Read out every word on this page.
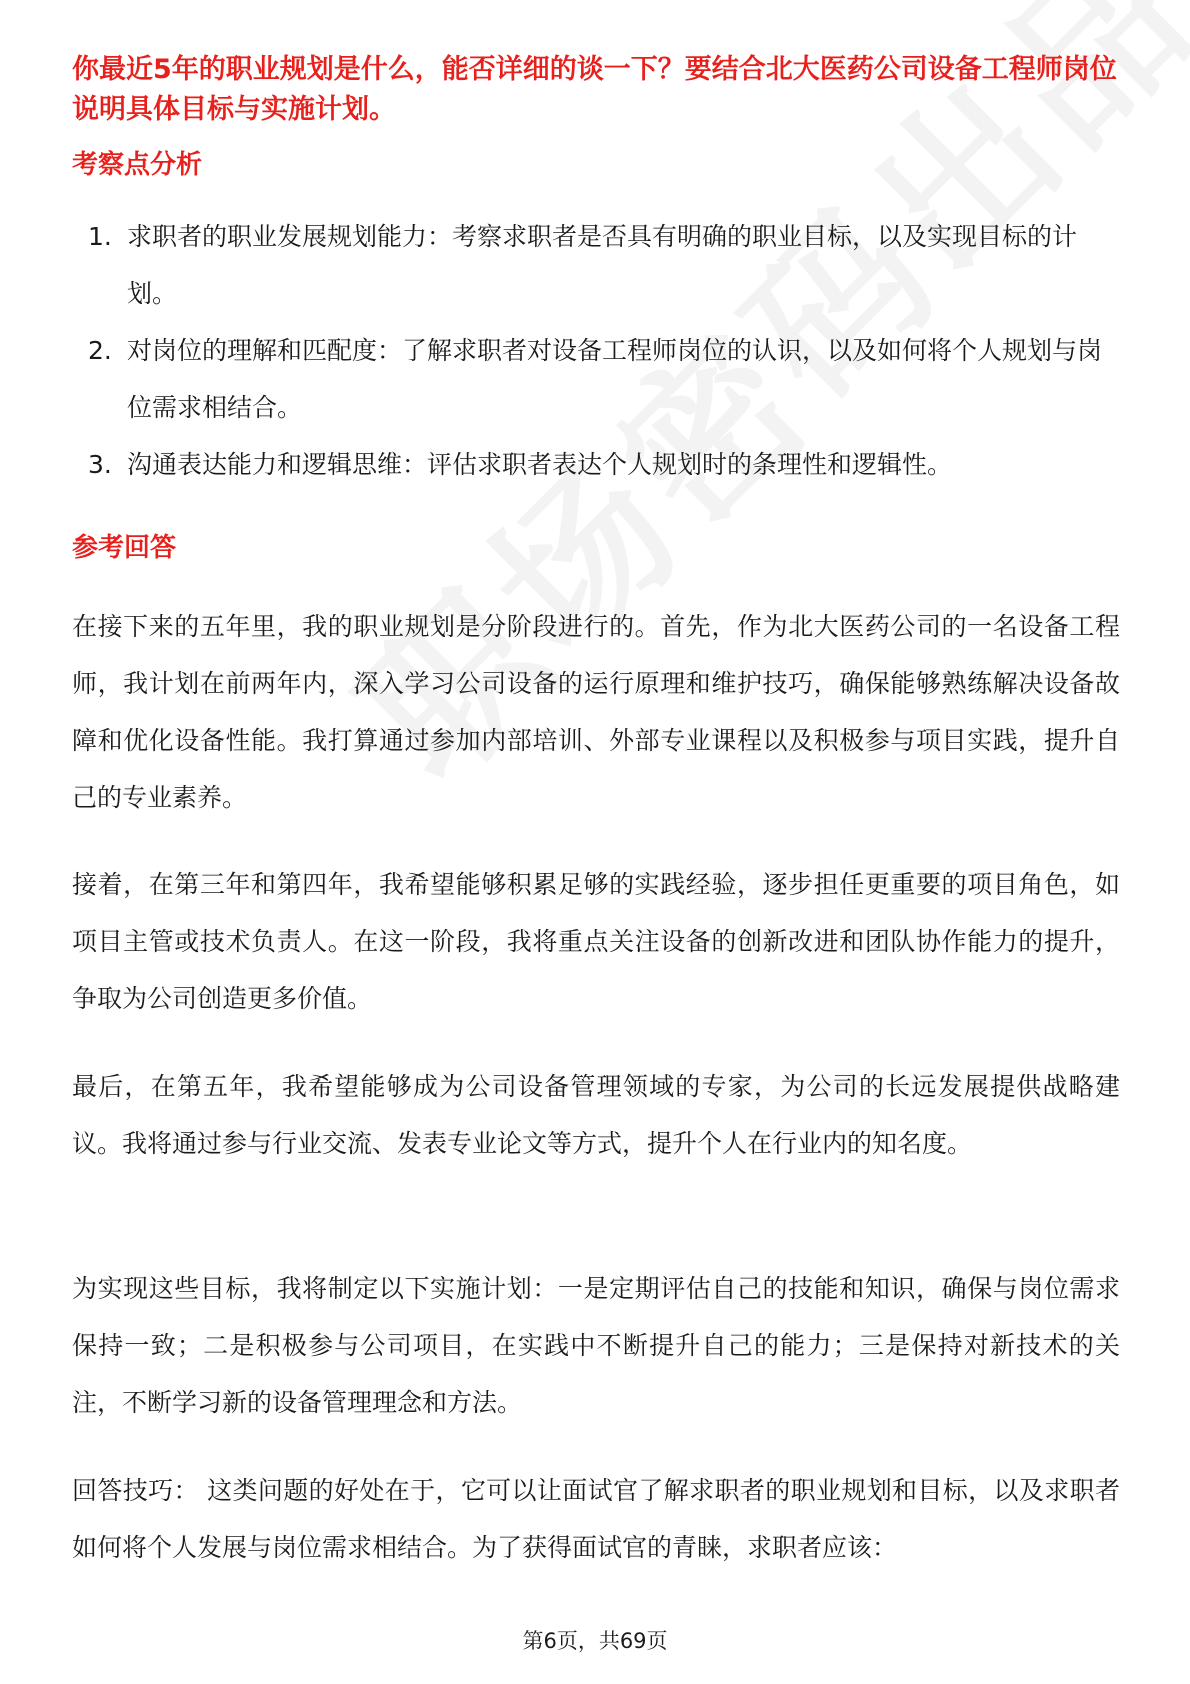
你最近5年的职业规划是什么，能否详细的谈一下？要结合北大医药公司设备工程师岗位说明具体目标与实施计划。

考察点分析
1. 求职者的职业发展规划能力：考察求职者是否具有明确的职业目标，以及实现目标的计划。
2. 对岗位的理解和匹配度：了解求职者对设备工程师岗位的认识，以及如何将个人规划与岗位需求相结合。
3. 沟通表达能力和逻辑思维：评估求职者表达个人规划时的条理性和逻辑性。
参考回答

在接下来的五年里，我的职业规划是分阶段进行的。首先，作为北大医药公司的一名设备工程师，我计划在前两年内，深入学习公司设备的运行原理和维护技巧，确保能够熟练解决设备故障和优化设备性能。我打算通过参加内部培训、外部专业课程以及积极参与项目实践，提升自己的专业素养。

接着，在第三年和第四年，我希望能够积累足够的实践经验，逐步担任更重要的项目角色，如项目主管或技术负责人。在这一阶段，我将重点关注设备的创新改进和团队协作能力的提升，争取为公司创造更多价值。

最后，在第五年，我希望能够成为公司设备管理领域的专家，为公司的长远发展提供战略建议。我将通过参与行业交流、发表专业论文等方式，提升个人在行业内的知名度。

为实现这些目标，我将制定以下实施计划：一是定期评估自己的技能和知识，确保与岗位需求保持一致；二是积极参与公司项目，在实践中不断提升自己的能力；三是保持对新技术的关注，不断学习新的设备管理理念和方法。

回答技巧： 这类问题的好处在于，它可以让面试官了解求职者的职业规划和目标，以及求职者如何将个人发展与岗位需求相结合。为了获得面试官的青睐，求职者应该：

第6页，共69页
